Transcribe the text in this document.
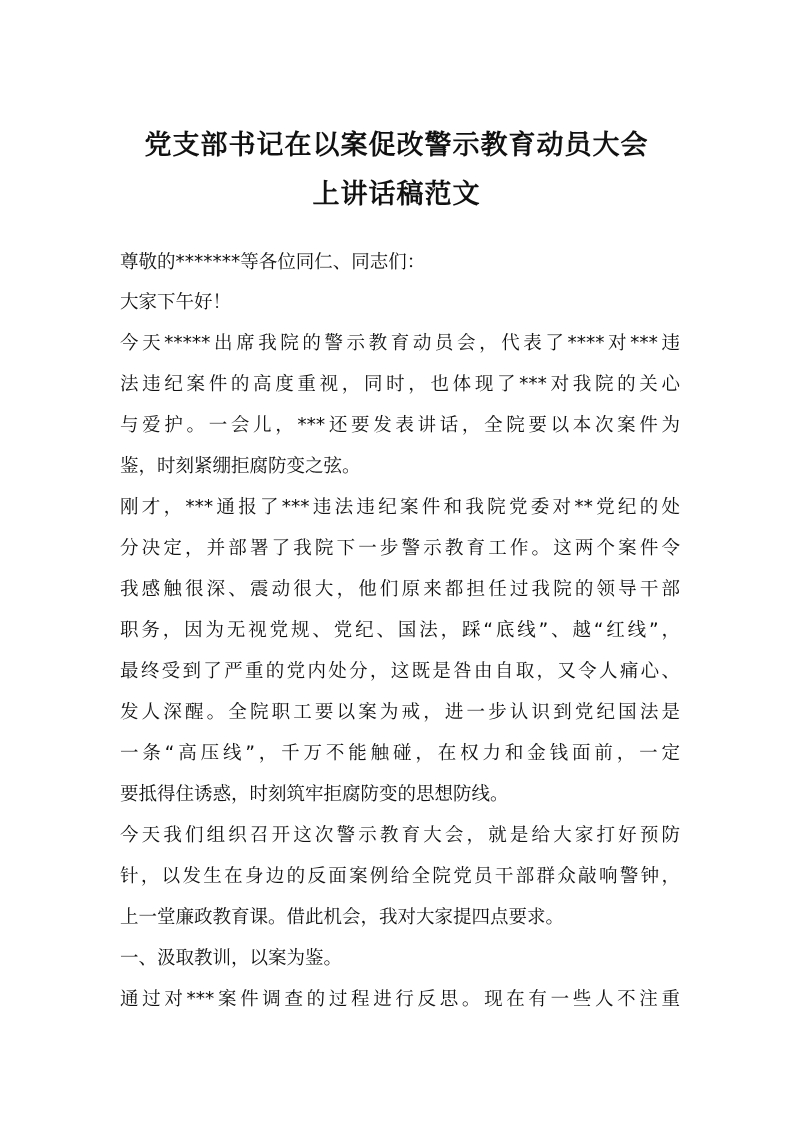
党支部书记在以案促改警示教育动员大会
上讲话稿范文
尊敬的*******等各位同仁、同志们：
大家下午好！
今天*****出席我院的警示教育动员会，代表了****对***违
法违纪案件的高度重视，同时，也体现了***对我院的关心
与爱护。一会儿，***还要发表讲话，全院要以本次案件为
鉴，时刻紧绷拒腐防变之弦。
刚才，***通报了***违法违纪案件和我院党委对**党纪的处
分决定，并部署了我院下一步警示教育工作。这两个案件令
我感触很深、震动很大，他们原来都担任过我院的领导干部
职务，因为无视党规、党纪、国法，踩“底线”、越“红线”，
最终受到了严重的党内处分，这既是咎由自取，又令人痛心、
发人深醒。全院职工要以案为戒，进一步认识到党纪国法是
一条“高压线”，千万不能触碰，在权力和金钱面前，一定
要抵得住诱惑，时刻筑牢拒腐防变的思想防线。
今天我们组织召开这次警示教育大会，就是给大家打好预防
针，以发生在身边的反面案例给全院党员干部群众敲响警钟，
上一堂廉政教育课。借此机会，我对大家提四点要求。
一、汲取教训，以案为鉴。
通过对***案件调查的过程进行反思。现在有一些人不注重
